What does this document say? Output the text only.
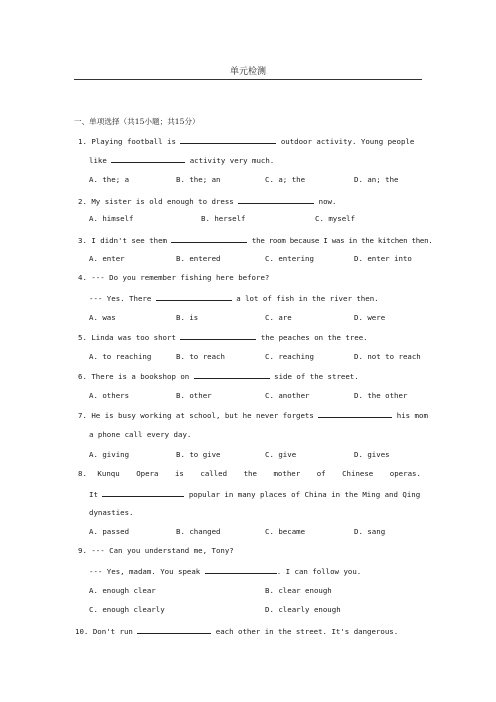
单元检测
一、单项选择（共15小题；共15分）
1. Playing football is	outdoor activity. Young people
like	activity very much.
A. the; a	B. the; an	C. a; the	D. an; the
2. My sister is old enough to dress	now.
A. himself	B. herself	C. myself
3. I didn't see them	the room because I was in the kitchen then.
A. enter	B. entered	C. entering	D. enter into
4. --- Do you remember fishing here before?
--- Yes. There	a lot of fish in the river then.
A. was	B. is	C. are	D. were
5. Linda was too short	the peaches on the tree.
A. to reaching	B. to reach	C. reaching	D. not to reach
6. There is a bookshop on	side of the street.
A. others	B. other	C. another	D. the other
7. He is busy working at school, but he never forgets	his mom
a phone call every day.
A. giving	B. to give	C. give	D. gives
8. Kunqu Opera is called the mother of Chinese operas.
It	popular in many places of China in the Ming and Qing
dynasties.
A. passed	B. changed	C. became	D. sang
9. --- Can you understand me, Tony?
--- Yes, madam. You speak	. I can follow you.
A. enough clear	B. clear enough
C. enough clearly	D. clearly enough
10. Don't run	each other in the street. It's dangerous.
